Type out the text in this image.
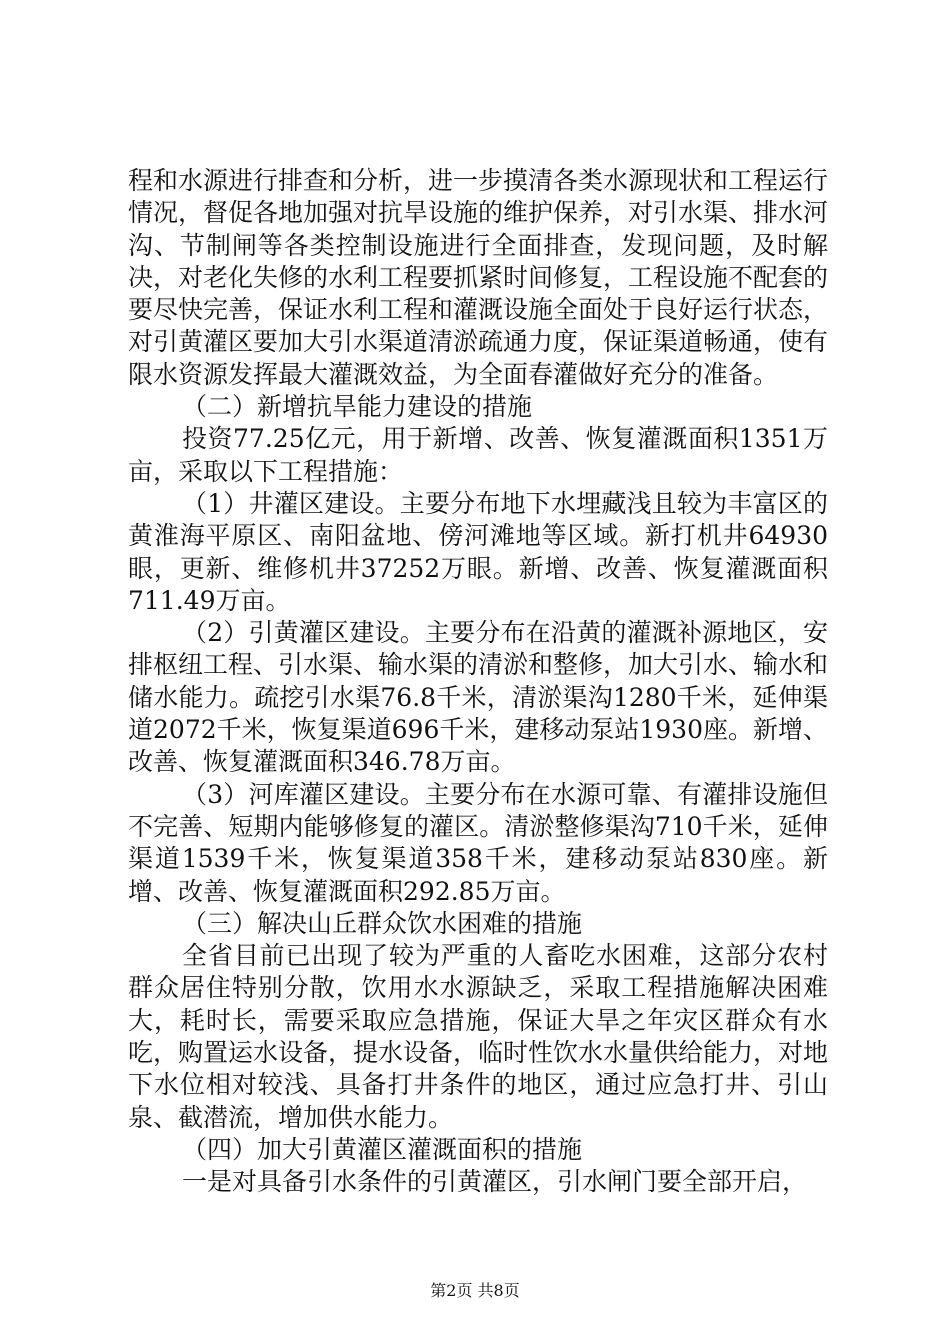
程和水源进行排查和分析，进一步摸清各类水源现状和工程运行情况，督促各地加强对抗旱设施的维护保养，对引水渠、排水河沟、节制闸等各类控制设施进行全面排查，发现问题，及时解决，对老化失修的水利工程要抓紧时间修复，工程设施不配套的要尽快完善，保证水利工程和灌溉设施全面处于良好运行状态，对引黄灌区要加大引水渠道清淤疏通力度，保证渠道畅通，使有限水资源发挥最大灌溉效益，为全面春灌做好充分的准备。

（二）新增抗旱能力建设的措施

投资77.25亿元，用于新增、改善、恢复灌溉面积1351万亩，采取以下工程措施：

（1）井灌区建设。主要分布地下水埋藏浅且较为丰富区的黄淮海平原区、南阳盆地、傍河滩地等区域。新打机井64930眼，更新、维修机井37252万眼。新增、改善、恢复灌溉面积711.49万亩。

（2）引黄灌区建设。主要分布在沿黄的灌溉补源地区，安排枢纽工程、引水渠、输水渠的清淤和整修，加大引水、输水和储水能力。疏挖引水渠76.8千米，清淤渠沟1280千米，延伸渠道2072千米，恢复渠道696千米，建移动泵站1930座。新增、改善、恢复灌溉面积346.78万亩。

（3）河库灌区建设。主要分布在水源可靠、有灌排设施但不完善、短期内能够修复的灌区。清淤整修渠沟710千米，延伸渠道1539千米，恢复渠道358千米，建移动泵站830座。新增、改善、恢复灌溉面积292.85万亩。

（三）解决山丘群众饮水困难的措施

全省目前已出现了较为严重的人畜吃水困难，这部分农村群众居住特别分散，饮用水水源缺乏，采取工程措施解决困难大，耗时长，需要采取应急措施，保证大旱之年灾区群众有水吃，购置运水设备，提水设备，临时性饮水水量供给能力，对地下水位相对较浅、具备打井条件的地区，通过应急打井、引山泉、截潜流，增加供水能力。

（四）加大引黄灌区灌溉面积的措施

一是对具备引水条件的引黄灌区，引水闸门要全部开启，

第2页 共8页
